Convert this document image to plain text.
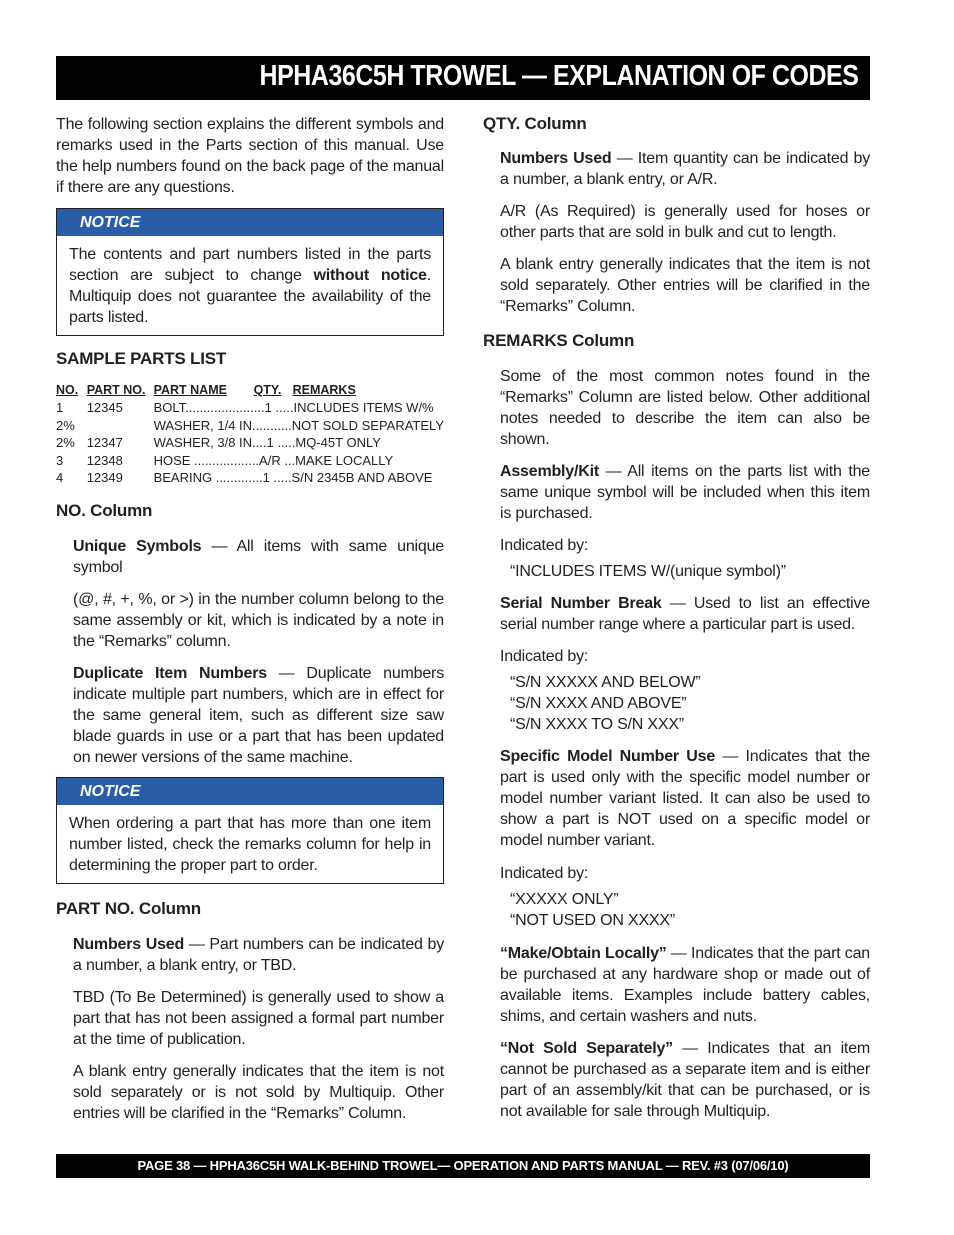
HPHA36C5H TROWEL — EXPLANATION OF CODES

The following section explains the different symbols and remarks used in the Parts section of this manual. Use the help numbers found on the back page of the manual if there are any questions.

NOTICE

The contents and part numbers listed in the parts section are subject to change without notice. Multiquip does not guarantee the availability of the parts listed.

SAMPLE PARTS LIST
NO.	PART NO.	PART NAME	QTY.	REMARKS
1	12345	BOLT......................1 .....INCLUDES ITEMS W/%		
2%		WASHER, 1/4 IN...........NOT SOLD SEPARATELY		
2%	12347	WASHER, 3/8 IN....1 .....MQ-45T ONLY		
3	12348	HOSE ..................A/R ...MAKE LOCALLY		
4	12349	BEARING .............1 .....S/N 2345B AND ABOVE		
NO. Column

Unique Symbols — All items with same unique symbol

(@, #, +, %, or >) in the number column belong to the same assembly or kit, which is indicated by a note in the “Remarks” column.

Duplicate Item Numbers — Duplicate numbers indicate multiple part numbers, which are in effect for the same general item, such as different size saw blade guards in use or a part that has been updated on newer versions of the same machine.

NOTICE

When ordering a part that has more than one item number listed, check the remarks column for help in determining the proper part to order.

PART NO. Column

Numbers Used — Part numbers can be indicated by a number, a blank entry, or TBD.

TBD (To Be Determined) is generally used to show a part that has not been assigned a formal part number at the time of publication.

A blank entry generally indicates that the item is not sold separately or is not sold by Multiquip. Other entries will be clarified in the “Remarks” Column.

QTY. Column

Numbers Used — Item quantity can be indicated by a number, a blank entry, or A/R.

A/R (As Required) is generally used for hoses or other parts that are sold in bulk and cut to length.

A blank entry generally indicates that the item is not sold separately. Other entries will be clarified in the “Remarks” Column.

REMARKS Column

Some of the most common notes found in the “Remarks” Column are listed below. Other additional notes needed to describe the item can also be shown.

Assembly/Kit — All items on the parts list with the same unique symbol will be included when this item is purchased.

Indicated by:

“INCLUDES ITEMS W/(unique symbol)”

Serial Number Break — Used to list an effective serial number range where a particular part is used.

Indicated by:

“S/N XXXXX AND BELOW”

“S/N XXXX AND ABOVE”

“S/N XXXX TO S/N XXX”

Specific Model Number Use — Indicates that the part is used only with the specific model number or model number variant listed. It can also be used to show a part is NOT used on a specific model or model number variant.

Indicated by:

“XXXXX ONLY”

“NOT USED ON XXXX”

“Make/Obtain Locally” — Indicates that the part can be purchased at any hardware shop or made out of available items. Examples include battery cables, shims, and certain washers and nuts.

“Not Sold Separately” — Indicates that an item cannot be purchased as a separate item and is either part of an assembly/kit that can be purchased, or is not available for sale through Multiquip.

PAGE 38 — HPHA36C5H WALK-BEHIND TROWEL— OPERATION AND PARTS MANUAL — REV. #3 (07/06/10)
